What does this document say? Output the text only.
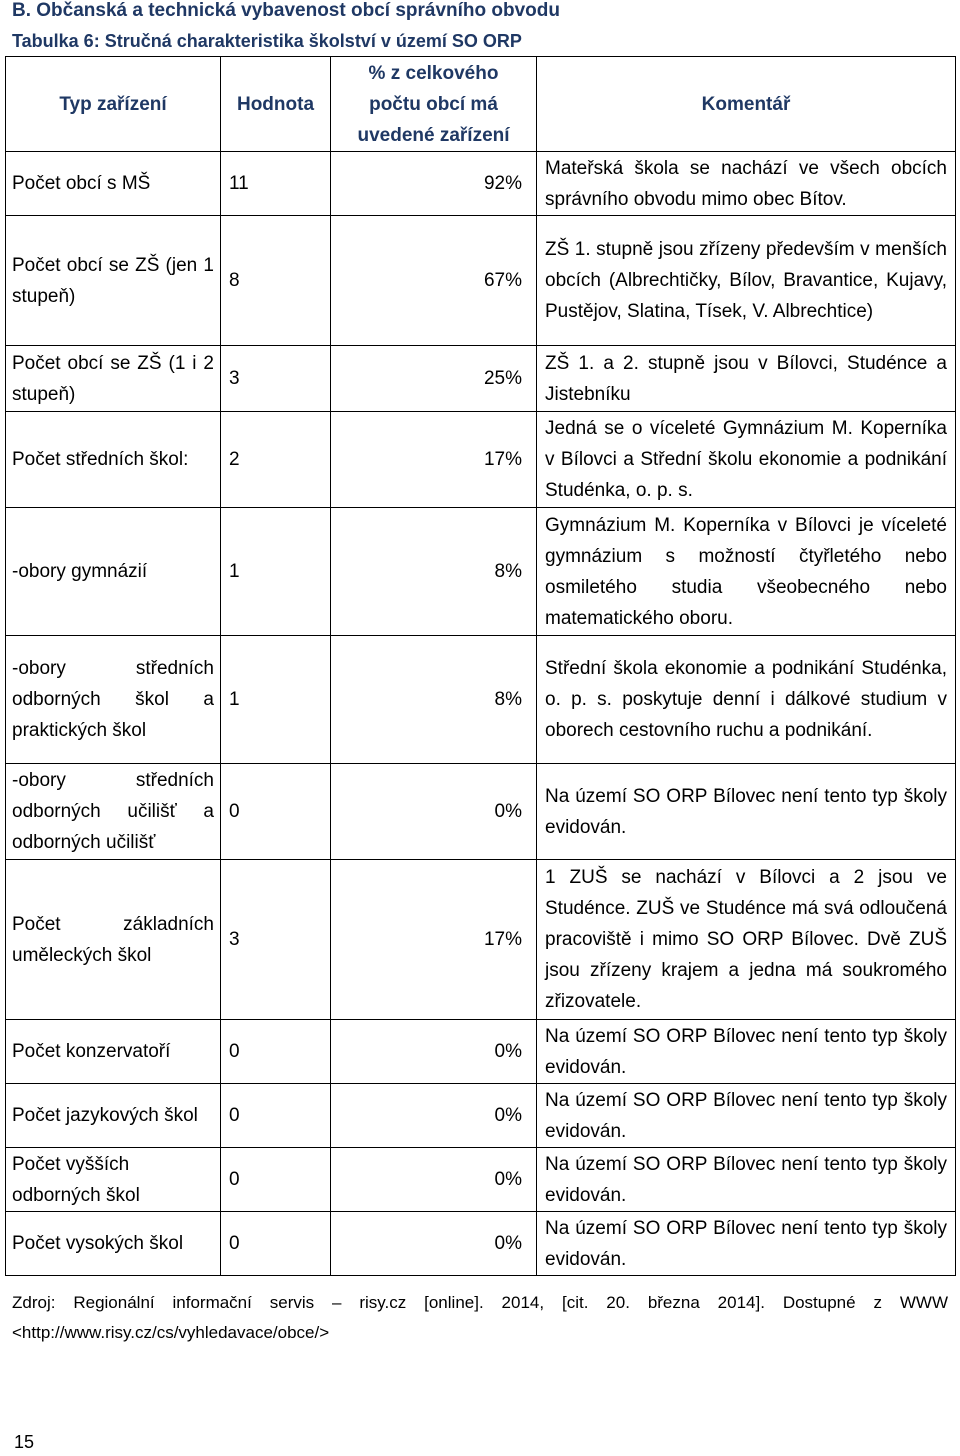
B. Občanská a technická vybavenost obcí správního obvodu
Tabulka 6: Stručná charakteristika školství v území SO ORP
Typ zařízení	Hodnota	% z celkového počtu obcí má uvedené zařízení	Komentář
Počet obcí s MŠ	11	92%	Mateřská škola se nachází ve všech obcích správního obvodu mimo obec Bítov.
Počet obcí se ZŠ (jen 1 stupeň)	8	67%	ZŠ 1. stupně jsou zřízeny především v menších obcích (Albrechtičky, Bílov, Bravantice, Kujavy, Pustějov, Slatina, Tísek, V. Albrechtice)
Počet obcí se ZŠ (1 i 2 stupeň)	3	25%	ZŠ 1. a 2. stupně jsou v Bílovci, Studénce a Jistebníku
Počet středních škol:	2	17%	Jedná se o víceleté Gymnázium M. Koperníka v Bílovci a Střední školu ekonomie a podnikání Studénka, o. p. s.
-obory gymnázií	1	8%	Gymnázium M. Koperníka v Bílovci je víceleté gymnázium s možností čtyřletého nebo osmiletého studia všeobecného nebo matematického oboru.
-obory středních odborných škol a praktických škol	1	8%	Střední škola ekonomie a podnikání Studénka, o. p. s. poskytuje denní i dálkové studium v oborech cestovního ruchu a podnikání.
-obory středních odborných učilišť a odborných učilišť	0	0%	Na území SO ORP Bílovec není tento typ školy evidován.
Počet základních uměleckých škol	3	17%	1 ZUŠ se nachází v Bílovci a 2 jsou ve Studénce. ZUŠ ve Studénce má svá odloučená pracoviště i mimo SO ORP Bílovec. Dvě ZUŠ jsou zřízeny krajem a jedna má soukromého zřizovatele.
Počet konzervatoří	0	0%	Na území SO ORP Bílovec není tento typ školy evidován.
Počet jazykových škol	0	0%	Na území SO ORP Bílovec není tento typ školy evidován.
Počet vyšších odborných škol	0	0%	Na území SO ORP Bílovec není tento typ školy evidován.
Počet vysokých škol	0	0%	Na území SO ORP Bílovec není tento typ školy evidován.
Zdroj: Regionální informační servis – risy.cz [online]. 2014, [cit. 20. března 2014]. Dostupné z WWW <http://www.risy.cz/cs/vyhledavace/obce/>
15
